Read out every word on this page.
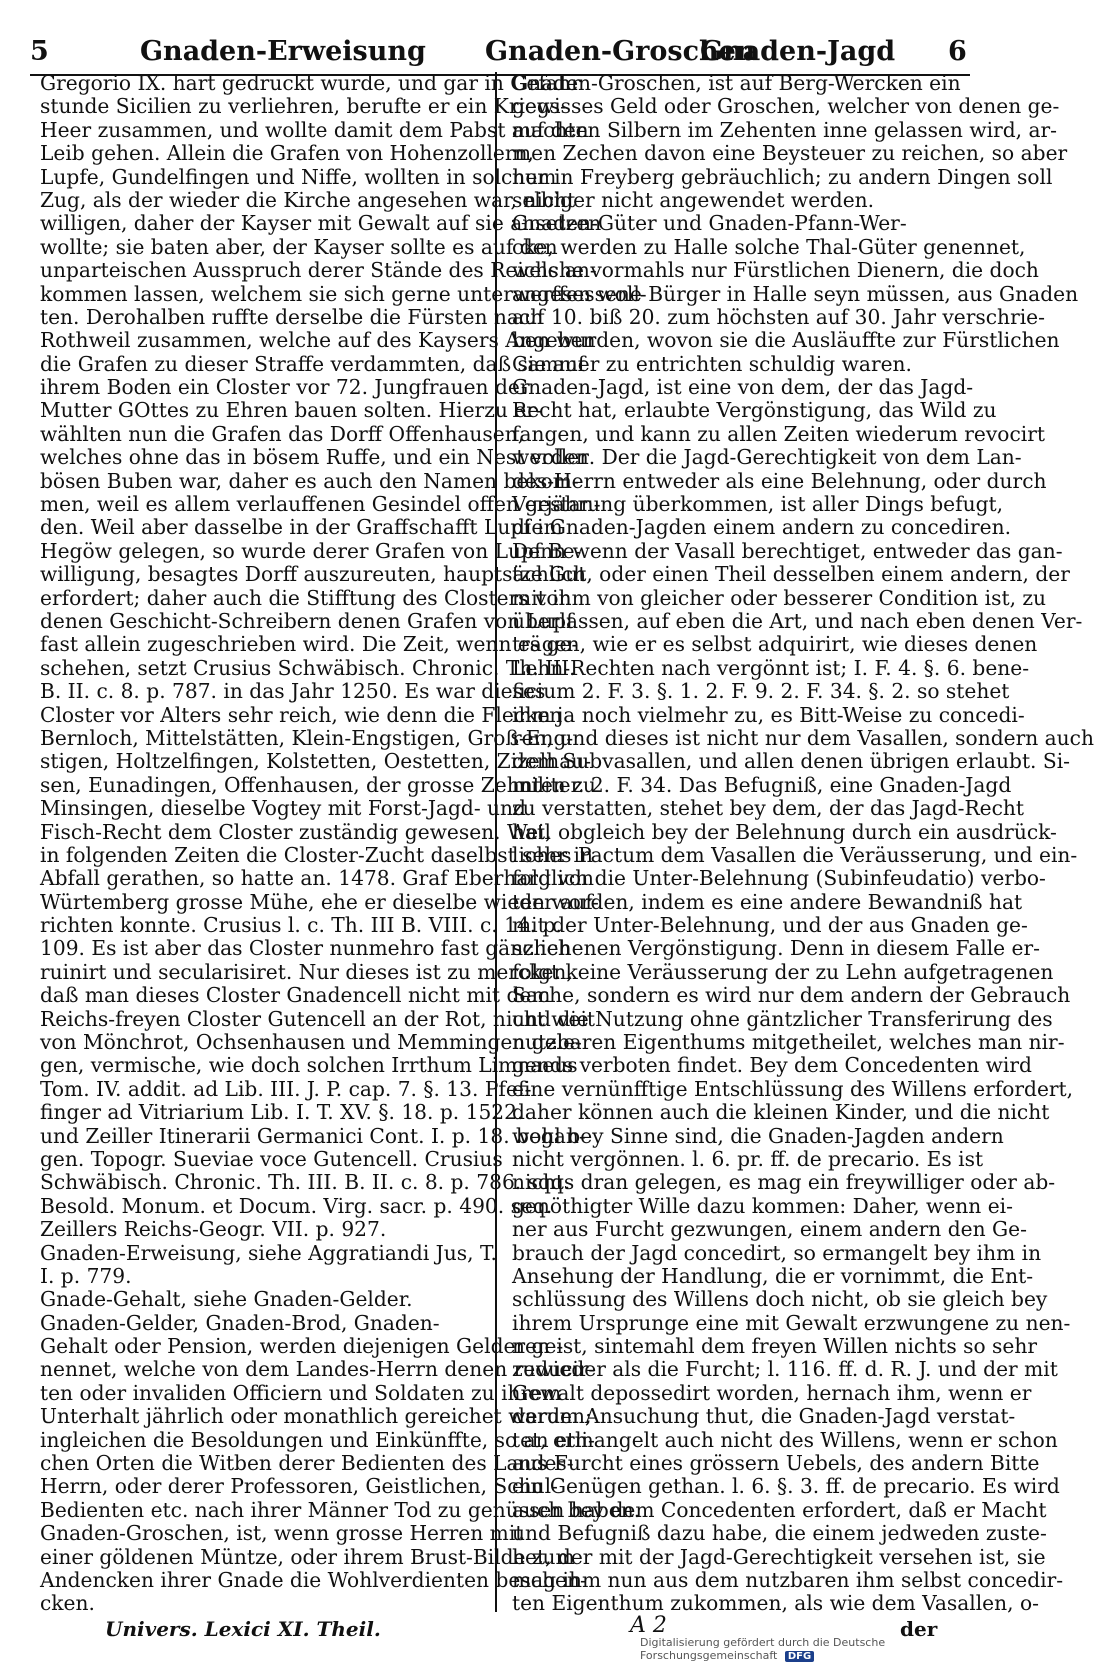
5	Gnaden-Erweisung Gnaden-Groschen
Gnaden-Jagd 6
Gregorio IX. hart gedruckt wurde, und gar in Gefahr
stunde Sicilien zu verliehren, berufte er ein Kriegs-
Heer zusammen, und wollte damit dem Pabst auf den
Leib gehen. Allein die Grafen von Hohenzollern,
Lupfe, Gundelfingen und Niffe, wollten in solchem
Zug, als der wieder die Kirche angesehen war, nicht
willigen, daher der Kayser mit Gewalt auf sie ansetzen
wollte; sie baten aber, der Kayser sollte es auf den
unparteischen Ausspruch derer Stände des Reichs an-
kommen lassen, welchem sie sich gerne unterwerffen woll-
ten. Derohalben ruffte derselbe die Fürsten nach
Rothweil zusammen, welche auf des Kaysers Angeben
die Grafen zu dieser Straffe verdammten, daß sie auf
ihrem Boden ein Closter vor 72. Jungfrauen der
Mutter GOttes zu Ehren bauen solten. Hierzu er-
wählten nun die Grafen das Dorff Offenhausen,
welches ohne das in bösem Ruffe, und ein Nest voller
bösen Buben war, daher es auch den Namen bekom-
men, weil es allem verlauffenen Gesindel offen gestan-
den. Weil aber dasselbe in der Graffschafft Lupf im
Hegöw gelegen, so wurde derer Grafen von Lupf Be-
willigung, besagtes Dorff auszureuten, hauptsächlich
erfordert; daher auch die Stifftung des Closters von
denen Geschicht-Schreibern denen Grafen von Lupf
fast allein zugeschrieben wird. Die Zeit, wenn es ge-
schehen, setzt Crusius Schwäbisch. Chronic. Th. III.
B. II. c. 8. p. 787. in das Jahr 1250. Es war dieses
Closter vor Alters sehr reich, wie denn die Flecken
Bernloch, Mittelstätten, Klein-Engstigen, Groß-Eng-
stigen, Holtzelfingen, Kolstetten, Oestetten, Zizelhau-
sen, Eunadingen, Offenhausen, der grosse Zehnten zu
Minsingen, dieselbe Vogtey mit Forst-Jagd- und
Fisch-Recht dem Closter zuständig gewesen. Weil
in folgenden Zeiten die Closter-Zucht daselbst sehr in
Abfall gerathen, so hatte an. 1478. Graf Eberhard von
Würtemberg grosse Mühe, ehe er dieselbe wieder auf-
richten konnte. Crusius l. c. Th. III B. VIII. c. 14. p.
109. Es ist aber das Closter nunmehro fast gänzlich
ruinirt und secularisiret. Nur dieses ist zu mercken,
daß man dieses Closter Gnadencell nicht mit dem
Reichs-freyen Closter Gutencell an der Rot, nicht weit
von Mönchrot, Ochsenhausen und Memmingen gele-
gen, vermische, wie doch solchen Irrthum Limnaeus
Tom. IV. addit. ad Lib. III. J. P. cap. 7. §. 13. Pfef-
finger ad Vitriarium Lib. I. T. XV. §. 18. p. 1522.
und Zeiller Itinerarii Germanici Cont. I. p. 18. began-
gen. Topogr. Sueviae voce Gutencell. Crusius
Schwäbisch. Chronic. Th. III. B. II. c. 8. p. 786. sqq.
Besold. Monum. et Docum. Virg. sacr. p. 490. seq.
Zeillers Reichs-Geogr. VII. p. 927.
Gnaden-Erweisung, siehe Aggratiandi Jus, T.
I. p. 779.
Gnade-Gehalt, siehe Gnaden-Gelder.
Gnaden-Gelder, Gnaden-Brod, Gnaden-
Gehalt oder Pension, werden diejenigen Gelder ge-
nennet, welche von dem Landes-Herrn denen reducir-
ten oder invaliden Officiern und Soldaten zu ihrem
Unterhalt jährlich oder monathlich gereichet werden;
ingleichen die Besoldungen und Einkünffte, so an etli-
chen Orten die Witben derer Bedienten des Landes-
Herrn, oder derer Professoren, Geistlichen, Schul-
Bedienten etc. nach ihrer Männer Tod zu genüssen haben.
Gnaden-Groschen, ist, wenn grosse Herren mit
einer göldenen Müntze, oder ihrem Brust-Bilde zum
Andencken ihrer Gnade die Wohlverdienten beschen-
cken.
Gnaden-Groschen, ist auf Berg-Wercken ein
gewisses Geld oder Groschen, welcher von denen ge-
machten Silbern im Zehenten inne gelassen wird, ar-
men Zechen davon eine Beysteuer zu reichen, so aber
nur in Freyberg gebräuchlich; zu andern Dingen soll
selbiger nicht angewendet werden.
Gnaden-Güter und Gnaden-Pfann-Wer-
cke, werden zu Halle solche Thal-Güter genennet,
welche vormahls nur Fürstlichen Dienern, die doch
angesessene Bürger in Halle seyn müssen, aus Gnaden
auf 10. biß 20. zum höchsten auf 30. Jahr verschrie-
ben wurden, wovon sie die Ausläuffte zur Fürstlichen
Cammer zu entrichten schuldig waren.
Gnaden-Jagd, ist eine von dem, der das Jagd-
Recht hat, erlaubte Vergönstigung, das Wild zu
fangen, und kann zu allen Zeiten wiederum revocirt
werden. Der die Jagd-Gerechtigkeit von dem Lan-
des-Herrn entweder als eine Belehnung, oder durch
Verjährung überkommen, ist aller Dings befugt,
die Gnaden-Jagden einem andern zu concediren.
Denn wenn der Vasall berechtiget, entweder das gan-
tze Gut, oder einen Theil desselben einem andern, der
mit ihm von gleicher oder besserer Condition ist, zu
überlassen, auf eben die Art, und nach eben denen Ver-
trägen, wie er es selbst adquirirt, wie dieses denen
Lehn-Rechten nach vergönnt ist; I. F. 4. §. 6. bene-
ficium 2. F. 3. §. 1. 2. F. 9. 2. F. 34. §. 2. so stehet
ihm ja noch vielmehr zu, es Bitt-Weise zu concedi-
ren, und dieses ist nicht nur dem Vasallen, sondern auch
dem Subvasallen, und allen denen übrigen erlaubt. Si-
militer. 2. F. 34. Das Befugniß, eine Gnaden-Jagd
zu verstatten, stehet bey dem, der das Jagd-Recht
hat, obgleich bey der Belehnung durch ein ausdrück-
liches Pactum dem Vasallen die Veräusserung, und ein-
folglich die Unter-Belehnung (Subinfeudatio) verbo-
ten worden, indem es eine andere Bewandniß hat
mit der Unter-Belehnung, und der aus Gnaden ge-
schehenen Vergönstigung. Denn in diesem Falle er-
folgt keine Veräusserung der zu Lehn aufgetragenen
Sache, sondern es wird nur dem andern der Gebrauch
und die Nutzung ohne gäntzlicher Transferirung des
nutzbaren Eigenthums mitgetheilet, welches man nir-
gends verboten findet. Bey dem Concedenten wird
eine vernünfftige Entschlüssung des Willens erfordert,
daher können auch die kleinen Kinder, und die nicht
wohl bey Sinne sind, die Gnaden-Jagden andern
nicht vergönnen. l. 6. pr. ff. de precario. Es ist
nichts dran gelegen, es mag ein freywilliger oder ab-
genöthigter Wille dazu kommen: Daher, wenn ei-
ner aus Furcht gezwungen, einem andern den Ge-
brauch der Jagd concedirt, so ermangelt bey ihm in
Ansehung der Handlung, die er vornimmt, die Ent-
schlüssung des Willens doch nicht, ob sie gleich bey
ihrem Ursprunge eine mit Gewalt erzwungene zu nen-
nen ist, sintemahl dem freyen Willen nichts so sehr
zuwieder als die Furcht; l. 116. ff. d. R. J. und der mit
Gewalt depossedirt worden, hernach ihm, wenn er
darum Ansuchung thut, die Gnaden-Jagd verstat-
tet, ermangelt auch nicht des Willens, wenn er schon
aus Furcht eines grössern Uebels, des andern Bitte
ein Genügen gethan. l. 6. §. 3. ff. de precario. Es wird
auch bey dem Concedenten erfordert, daß er Macht
und Befugniß dazu habe, die einem jedweden zuste-
het, der mit der Jagd-Gerechtigkeit versehen ist, sie
mag ihm nun aus dem nutzbaren ihm selbst concedir-
ten Eigenthum zukommen, als wie dem Vasallen, o-
Univers. Lexici XI. Theil.	A 2	der
Digitalisierung gefördert durch die Deutsche Forschungsgemeinschaft DFG
